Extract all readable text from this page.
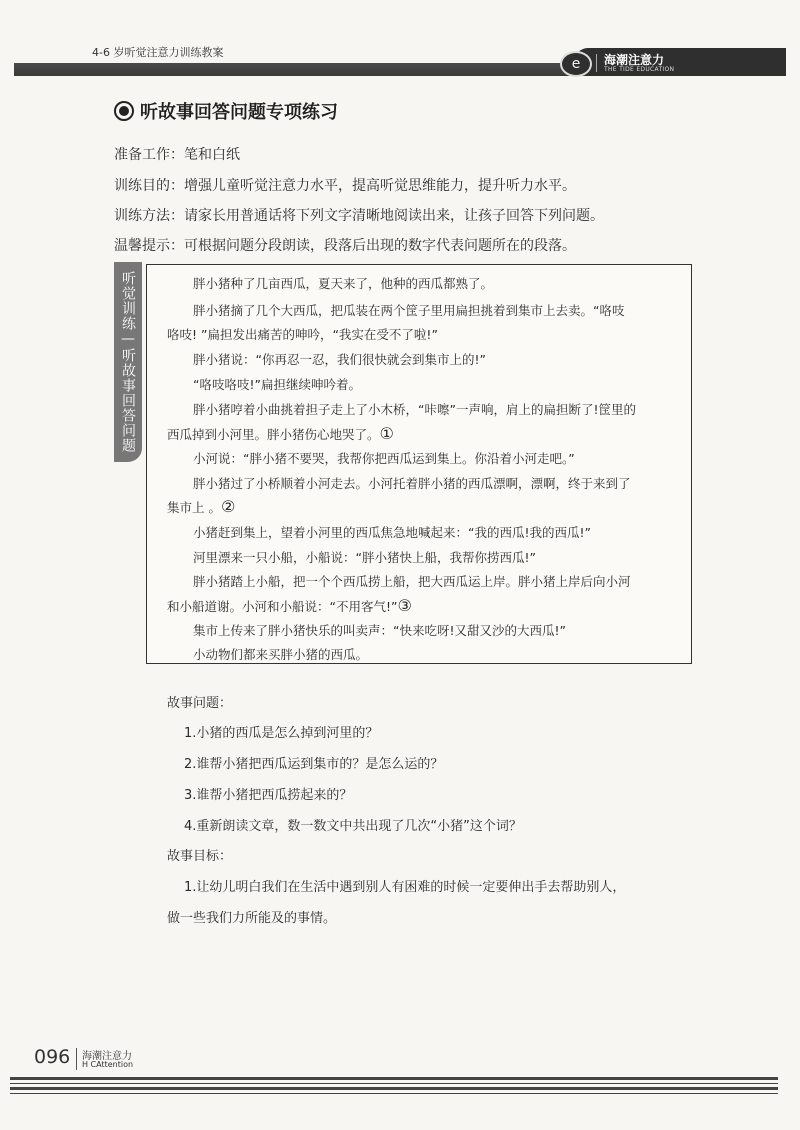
4-6 岁听觉注意力训练教案
e	海潮注意力
THE TIDE EDUCATION
听故事回答问题专项练习
准备工作：笔和白纸
训练目的：增强儿童听觉注意力水平，提高听觉思维能力，提升听力水平。
训练方法：请家长用普通话将下列文字清晰地阅读出来，让孩子回答下列问题。
温馨提示：可根据问题分段朗读，段落后出现的数字代表问题所在的段落。
听觉训练—听故事回答问题	胖小猪种了几亩西瓜，夏天来了，他种的西瓜都熟了。
胖小猪摘了几个大西瓜，把瓜装在两个筐子里用扁担挑着到集市上去卖。“咯吱
咯吱! ”扁担发出痛苦的呻吟，“我实在受不了啦!”
胖小猪说：“你再忍一忍，我们很快就会到集市上的!”
“咯吱咯吱!”扁担继续呻吟着。
胖小猪哼着小曲挑着担子走上了小木桥，“咔嚓”一声响，肩上的扁担断了!筐里的
西瓜掉到小河里。胖小猪伤心地哭了。①
小河说：“胖小猪不要哭，我帮你把西瓜运到集上。你沿着小河走吧。”
胖小猪过了小桥顺着小河走去。小河托着胖小猪的西瓜漂啊，漂啊，终于来到了
集市上 。②
小猪赶到集上，望着小河里的西瓜焦急地喊起来：“我的西瓜!我的西瓜!”
河里漂来一只小船，小船说：“胖小猪快上船，我帮你捞西瓜!”
胖小猪踏上小船，把一个个西瓜捞上船，把大西瓜运上岸。胖小猪上岸后向小河
和小船道谢。小河和小船说：“不用客气!”③
集市上传来了胖小猪快乐的叫卖声：“快来吃呀!又甜又沙的大西瓜!”
小动物们都来买胖小猪的西瓜。
故事问题：
1.小猪的西瓜是怎么掉到河里的？
2.谁帮小猪把西瓜运到集市的？是怎么运的？
3.谁帮小猪把西瓜捞起来的？
4.重新朗读文章，数一数文中共出现了几次“小猪”这个词？
故事目标：
1.让幼儿明白我们在生活中遇到别人有困难的时候一定要伸出手去帮助别人，
做一些我们力所能及的事情。
096 海潮注意力
H CAttention
